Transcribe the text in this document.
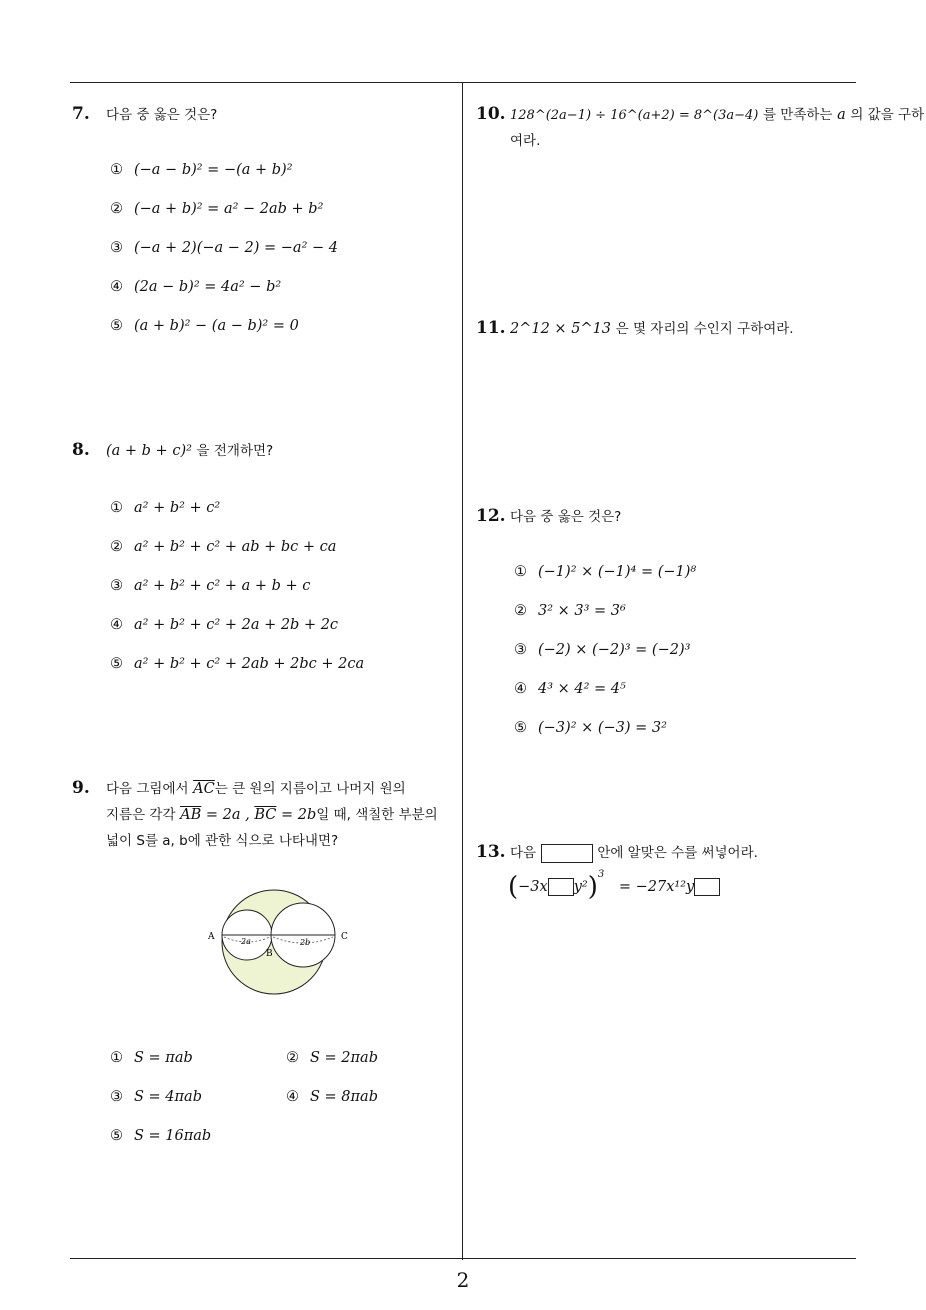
2
7. 다음 중 옳은 것은?
① (−a − b)² = −(a + b)²
② (−a + b)² = a² − 2ab + b²
③ (−a + 2)(−a − 2) = −a² − 4
④ (2a − b)² = 4a² − b²
⑤ (a + b)² − (a − b)² = 0
8. (a + b + c)² 을 전개하면?
① a² + b² + c²
② a² + b² + c² + ab + bc + ca
③ a² + b² + c² + a + b + c
④ a² + b² + c² + 2a + 2b + 2c
⑤ a² + b² + c² + 2ab + 2bc + 2ca
9. 다음 그림에서 $\overline{AC}$는 큰 원의 지름이고 나머지 원의
지름은 각각 $\overline{AB} = 2a$ , $\overline{BC} = 2b$일 때, 색칠한 부분의
넓이 S를 a, b에 관한 식으로 나타내면?
A
B
C
2a	2b
① S = πab	② S = 2πab
③ S = 4πab	④ S = 8πab
⑤ S = 16πab
10. 128^(2a−1) ÷ 16^(a+2) = 8^(3a−4) 를 만족하는 a 의 값을 구하
여라.
11. 2^12 × 5^13 은 몇 자리의 수인지 구하여라.
12. 다음 중 옳은 것은?
① (−1)² × (−1)⁴ = (−1)⁸
② 3² × 3³ = 3⁶
③ (−2) × (−2)³ = (−2)³
④ 4³ × 4² = 4⁵
⑤ (−3)² × (−3) = 3²
13. 다음	안에 알맞은 수를 써넣어라.
(−3x y²)$^3$ = −27x¹²y
